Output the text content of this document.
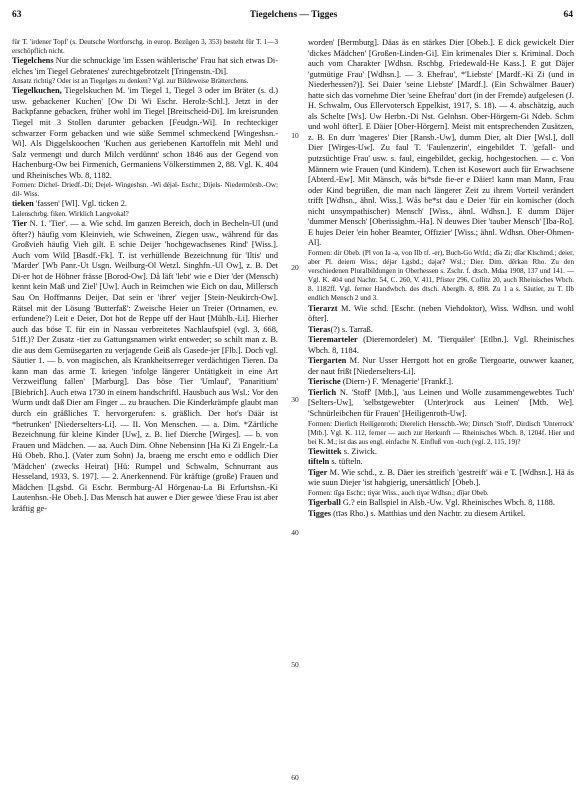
63	Tiegelchens — Tigges	64

für T. 'irdener Topf' (s. Deutsche Wortforschg. in europ. Bezügen 3, 353) besteht für T. 1—3 erschöpflich nicht.

Tiegelchens Nur die schnuckige 'im Essen wählerische' Frau hat sich etwas Di-elches 'im Tiegel Gebratenes' zurechtgebrotzelt [Tringenstn.-Di].

Ansatz richtig? Oder ist an Tiegelges zu denken? Vgl. zur Bildeweise Brätterchens.

Tiegelkuchen, Tiegelskuchen M. 'im Tiegel 1, Tiegel 3 oder im Bräter (s. d.) usw. gebackener Kuchen' [Ow Di Wi Eschr. Herolz-Schl.]. Jetzt in der Backpfanne gebacken, früher wohl im Tiegel [Breitscheid-Di]. Im kreisrunden Tiegel mit 3 Stollen darunter gebacken [Feudgn.-Wi]. In rechteckiger schwarzer Form gebacken und wie süße Semmel schmeckend [Wingeshsn.-Wi]. Als Diggelskoochen 'Kuchen aus geriebenen Kartoffeln mit Mehl und Salz vermengt und durch Milch verdünnt' schon 1846 aus der Gegend von Hachenburg-Ow bei Firmenich, Germaniens Völkerstimmen 2, 88. Vgl. K. 404 und Rheinisches Wb. 8, 1182.

Formen: Dichel- Driedf.-Di; Dejel- Wingeshsn. -Wi déjǝl- Eschr.; Dijels- Niedermörsb.-Ow; dil- Wiss.

tieken 'fassen' [Wl]. Vgl. ticken 2.

Lalenschrbg. fiken. Wirklich Langvokal?

Tier N. 1. 'Tier'. — a. Wie schd. Im ganzen Bereich, doch in Becheln-Ul (und öfter?) häufig vom Kleinvieh, wie Schweinen, Ziegen usw., während für das Großvieh häufig Vieh gilt. E schie Deijer 'hochgewachsenes Rind' [Wiss.]. Auch vom Wild [Basdf.-Fk]. T. ist verhüllende Bezeichnung für 'Iltis' und 'Marder' [Wb Panr.-Ut Usgn. Weilburg-Ol Wetzl. Singhfn.-Ul Ow], z. B. Det Di-er hot de Höhner frässe [Borod-Ow]. Då läft 'lebt' wie e Dier 'der (Mensch) kennt kein Maß und Ziel' [Uw]. Auch in Reimchen wie Eich on dau, Millersch Sau On Hoffmanns Deijer, Dat sein er 'ihrer' vejjer [Stein-Neukirch-Ow]. Rätsel mit der Lösung 'Butterfaß': Zweische Heier un Treier (Ortnamen, ev. erfundene?) Leit e Deier, Dot hot de Reppe uff der Haut [Mühlb.-Li]. Hierher auch das böse T. für ein in Nassau verbreitetes Nachlaufspiel (vgl. 3, 668, 51ff.)? Der Zusatz -tier zu Gattungsnamen wirkt entweder; so schilt man z. B. die aus dem Gemüsegarten zu verjagende Geiß als Gasede-jer [Flb.]. Doch vgl. Säutier 1. — b. von magischen, als Krankheitserreger verdächtigen Tieren. Da kann man das arme T. kriegen 'infolge längerer Untätigkeit in eine Art Verzweiflung fallen' [Marburg]. Das böse Tier 'Umlauf', 'Panaritium' [Biebrich]. Auch etwa 1730 in einem handschriftl. Hausbuch aus Wsl.: Vor den Wurm undt daß Dier am Finger ... zu brauchen. Die Kinderkrämpfe glaubt man durch ein gräßliches T. hervorgerufen: s. gräßlich. Der hot's Däär ist *betrunken' [Niederselters-Li]. — II. Von Menschen. — a. Dim. *Zärtliche Bezeichnung für kleine Kinder [Uw], z. B. lief Dierche [Wirges]. — b. von Frauen und Mädchen. — aa. Auch Dim. Ohne Nebensinn [Ha Ki Zi Engelr.-La Hü Obeb. Rho.]. (Vater zum Sohn) Ja, braeng me erscht emo e oddlich Dier 'Mädchen' (zwecks Heirat) [Hü: Rumpel und Schwalm, Schnurrant aus Hesseland, 1933, S. 197]. — 2. Anerkennend. Für kräftige (große) Frauen und Mädchen [Lgsbd. Gi Eschr. Bermburg-Al Hörgenau-La Bi Erfurtshsn.-Ki Lautenhsn.-He Obeb.]. Das Mensch hat auwer e Dier gewee 'diese Frau ist aber kräftig ge-

10
20
30
40
50
60

worden' [Bermburg]. Däas äs en stärkes Dier [Obeb.]. E dick gewickelt Dier 'dickes Mädchen' [Großen-Linden-Gi]. Ein krimenales Dier s. Kriminal. Doch auch vom Charakter [Wdhsn. Rschbg. Friedewald-He Kass.]. E gut Däjer 'gutmütige Frau' [Wdhsn.]. — 3. Ehefrau', *'Liebste' [Mardf.-Ki Zi (und in Niederhessen?)]. Sei Daier 'seine Liebste' [Mardf.]. (Ein Schwälmer Bauer) hatte sich das vornehme Dier 'seine Ehefrau' dort (in der Fremde) aufgelesen (J. H. Schwalm, Ous Ellervotersch Eppelkist, 1917, S. 18). — 4. abschätzig, auch als Schelte [Ws]. Uw Herbn.-Di Nst. Gelnhsn. Ober-Hörgern-Gi Ndeb. Schm und wohl öfter]. E Däier [Ober-Hörgern]. Meist mit entsprechenden Zusätzen, z. B. En durr 'mageres' Dier [Ransb.-Uw], dumm Dier, alt Dier [Wsl.], doll Dier [Wirges-Uw]. Zu faul T. 'Faulenzerin', eingebildet T. 'gefall- und putzsüchtige Frau' usw. s. faul, eingebildet, geckig, hochgestochen. — c. Von Männern wie Frauen (und Kindern). T.chen ist Kosewort auch für Erwachsene [Abterd.-Ew]. Mit Mänsch, wås bi*sde fie-er e Däier! kann man Mann, Frau oder Kind begrüßen, die man nach längerer Zeit zu ihrem Vorteil verändert trifft [Wdhsn., ähnl. Wiss.]. Wås be*st dau e Deier 'für ein komischer (doch nicht unsympathischer) Mensch' [Wiss., ähnl. Wdhsn.]. E dumm Däjer 'dummer Mensch' [Oberissighm.-Ha]. N deuwes Dier 'tauber Mensch' [Iba-Ro]. E hujes Deier 'ein hoher Beamter, Offizier' [Wiss.; ähnl. Wdhsn. Ober-Ohmen-Al].

Formen: dir Obeb. (Pl von Ia -ǝ, von IIb tf. -er), Buch-Go Wtfd.; dīǝ Zi; dīǝr Klschmd.; deier, aber Pl. deiern Wiss.; déjǝr Lgsbd.; dǝjǝr? Wsl.; Dier. Dim. dērkǝn Rho. Zu den verschiedenen Pluralbildungen in Oberhessen s. Zschr. f. dtsch. Mdaa 1908, 137 und 141. — Vgl. K. 404 und Nachtr. 54, C. 260, V. 411, Pfister 296, Collitz 20, auch Rheinisches Wbch. 8. 1182ff. Vgl. ferner Handwbch. des dtsch. Aberglb. 8, 898. Zu 1 a s. Säutier, zu T. IIb endlich Mensch 2 und 3.

Tierarzt M. Wie schd. [Eschr. (neben Viehdoktor), Wiss. Wdhsn. und wohl öfter].

Tieras(?) s. Tarraß.

Tieremarteler (Dieremordeler) M. 'Tierquäler' [Etlbn.]. Vgl. Rheinisches Wbch. 8, 1184.

Tiergarten M. Nur Usser Herrgott hot en große Tiergoarte, ouwwer kaaner, der naut frißt [Niederselters-Li].

Tierische (Diern-) F. 'Menagerie' [Frankf.].

Tierlich N. 'Stoff' [Mtb.], 'aus Leinen und Wolle zusammengewebtes Tuch' [Selters-Uw], 'selbstgewebter (Unter)rock aus Leinen' [Mtb. We]. 'Schnürleibchen für Frauen' [Heiligenroth-Uw].

Formen: Dierlich Heiligenroth; Dierelich Hersschb.-We; Dirtsch 'Stoff', Dirdisch 'Unterrock' [Mtb.]. Vgl. K. 112, ferner — auch zur Herkunft — Rheinisches Wbch. 8, 1204f. Hier und bei K. M.; ist das aus engl. einfache N. Einfluß von -tuch (vgl. 2, 115, 19)?

Tiewittek s. Ziwick.

tifteln s. tüfteln.

Tiger M. Wie schd., z. B. Däer ies streifich 'gestreift' wäi e T. [Wdhsn.]. Hä äs wie suun Diejer 'ist habgierig, unersättlich' [Obeb.].

Formen: tīgǝ Eschr.; tiɣǝr Wiss., auch tiɣǝr Wdhsn.; dījǝr Obeb.

Tigerball G.? ein Ballspiel in Alsb.-Uw. Vgl. Rheinisches Wbch. 8, 1188.

Tigges (tīǝs Rho.) s. Matthias und den Nachtr. zu diesem Artikel.
